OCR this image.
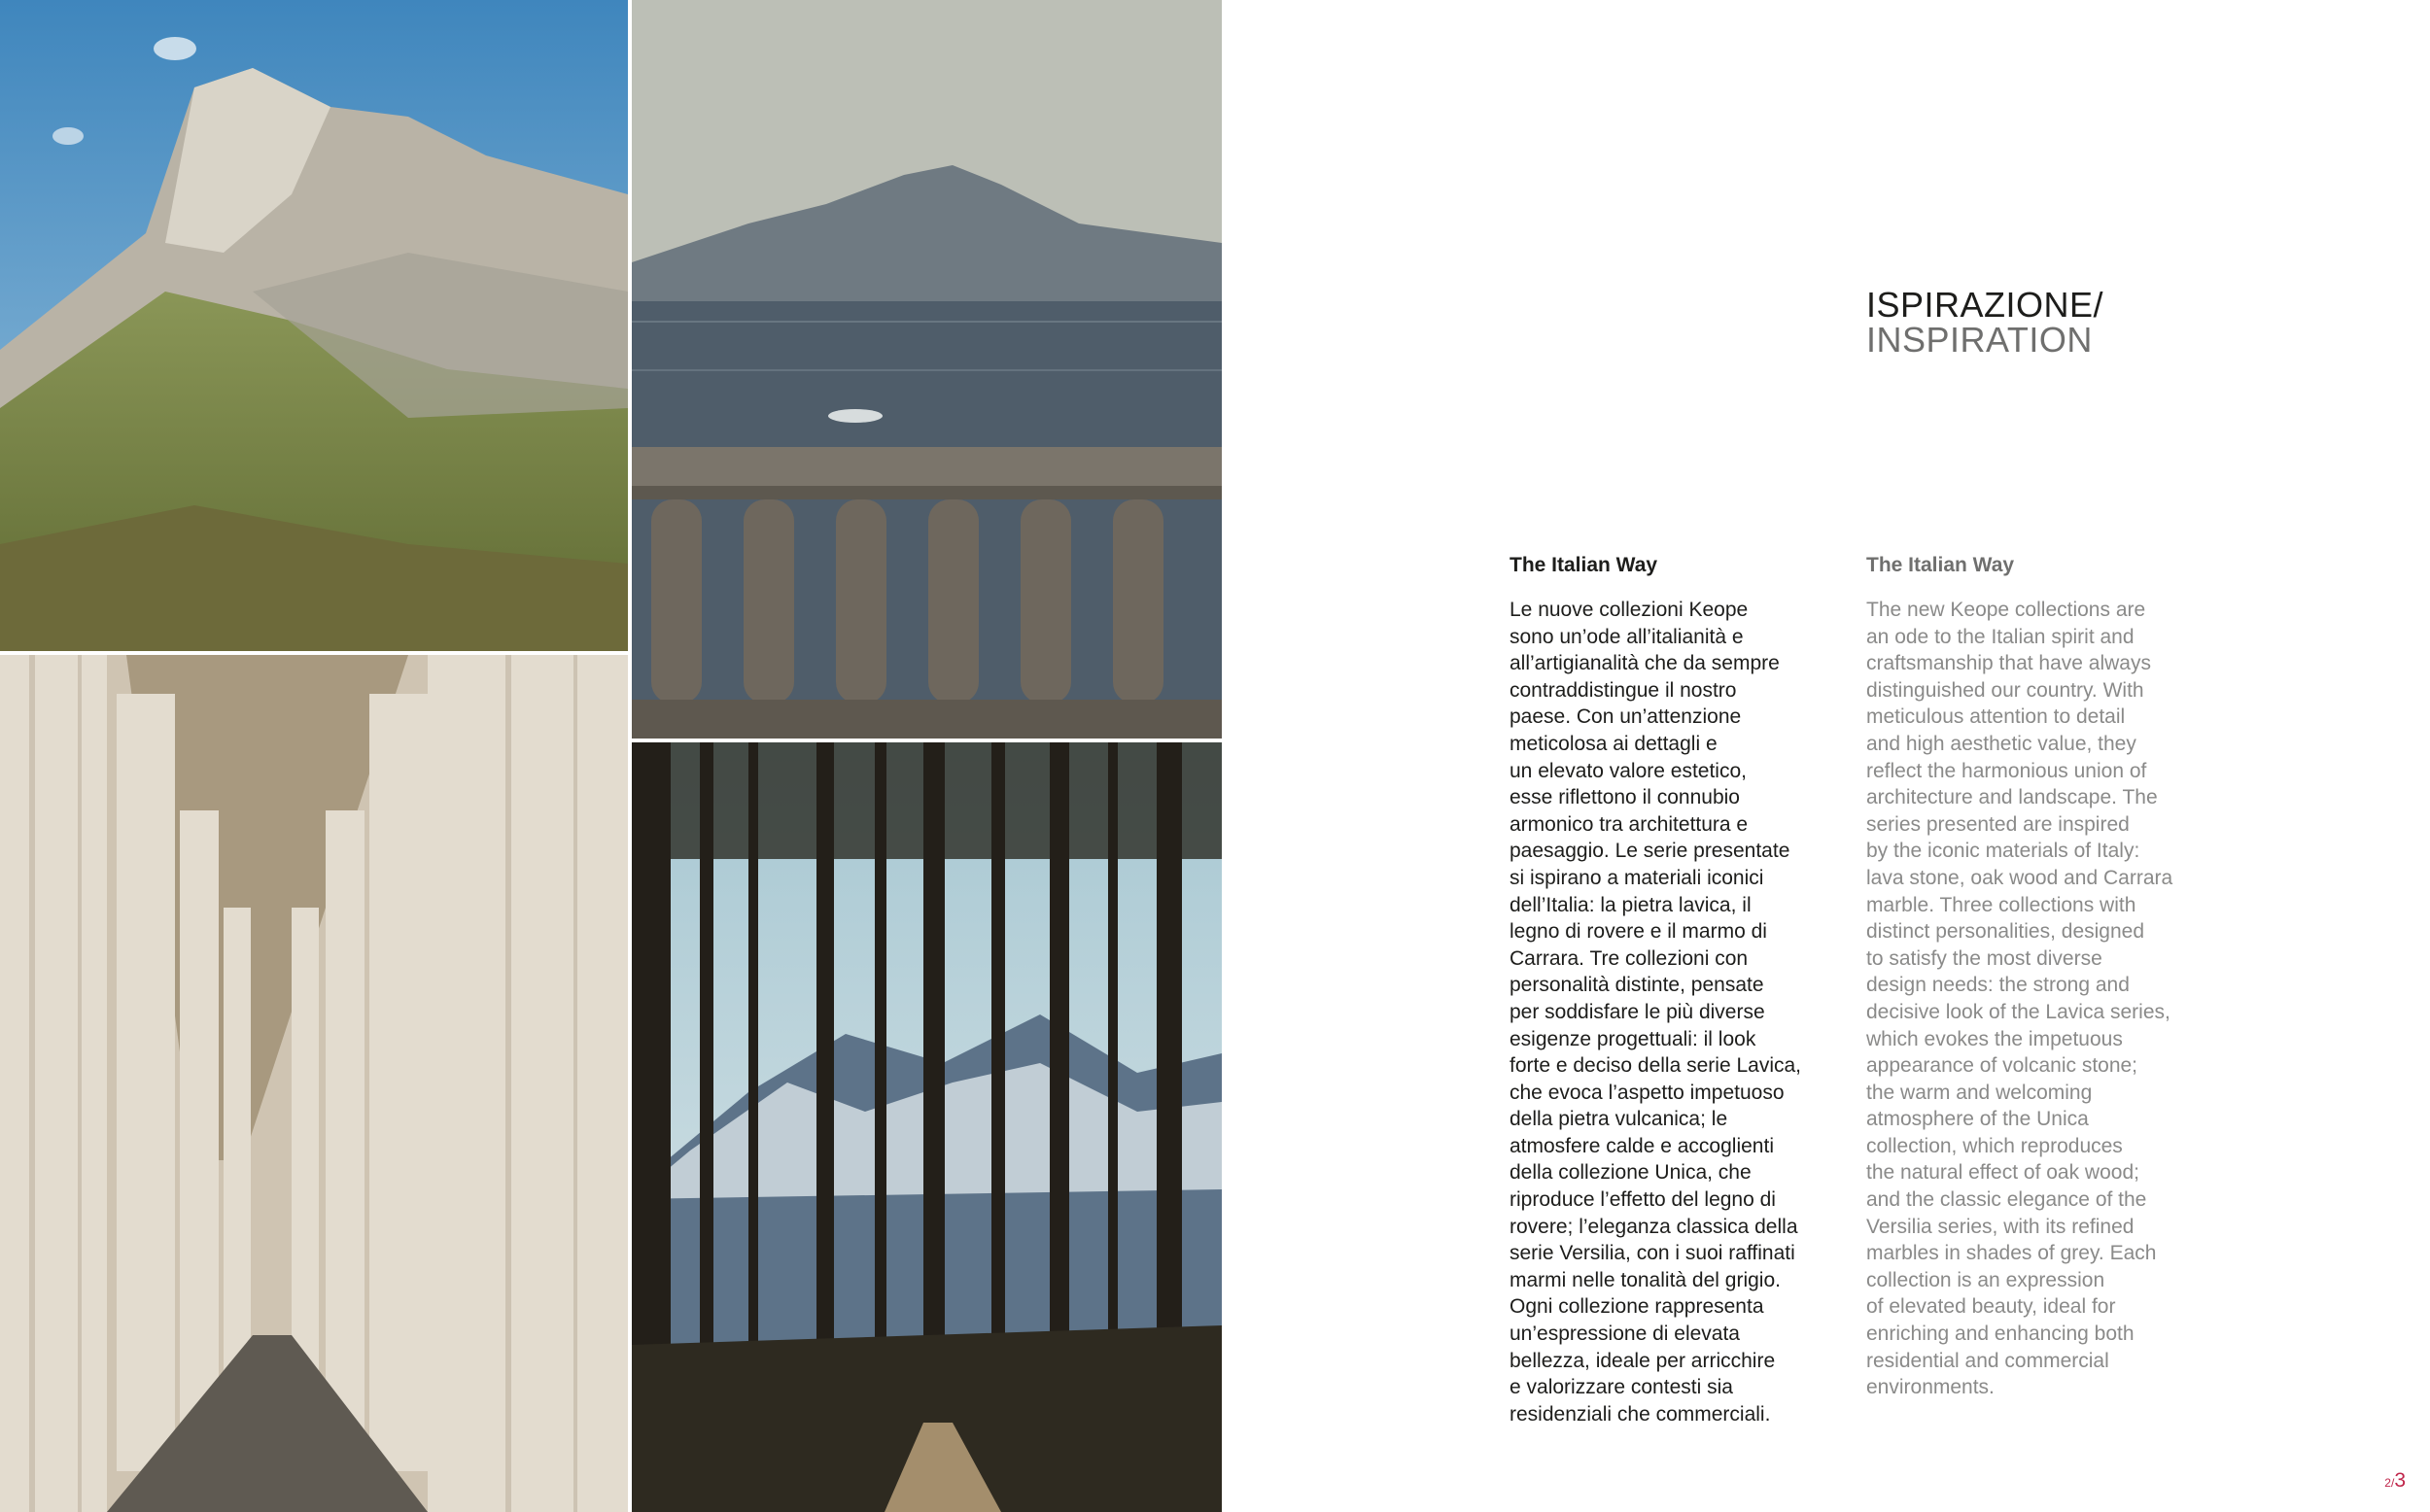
ISPIRAZIONE/
INSPIRATION

The Italian Way

Le nuove collezioni Keope
sono un’ode all’italianità e
all’artigianalità che da sempre
contraddistingue il nostro
paese. Con un’attenzione
meticolosa ai dettagli e
un elevato valore estetico,
esse riflettono il connubio
armonico tra architettura e
paesaggio. Le serie presentate
si ispirano a materiali iconici
dell’Italia: la pietra lavica, il
legno di rovere e il marmo di
Carrara. Tre collezioni con
personalità distinte, pensate
per soddisfare le più diverse
esigenze progettuali: il look
forte e deciso della serie Lavica,
che evoca l’aspetto impetuoso
della pietra vulcanica; le
atmosfere calde e accoglienti
della collezione Unica, che
riproduce l’effetto del legno di
rovere; l’eleganza classica della
serie Versilia, con i suoi raffinati
marmi nelle tonalità del grigio.
Ogni collezione rappresenta
un’espressione di elevata
bellezza, ideale per arricchire
e valorizzare contesti sia
residenziali che commerciali.

The Italian Way

The new Keope collections are
an ode to the Italian spirit and
craftsmanship that have always
distinguished our country. With
meticulous attention to detail
and high aesthetic value, they
reflect the harmonious union of
architecture and landscape. The
series presented are inspired
by the iconic materials of Italy:
lava stone, oak wood and Carrara
marble. Three collections with
distinct personalities, designed
to satisfy the most diverse
design needs: the strong and
decisive look of the Lavica series,
which evokes the impetuous
appearance of volcanic stone;
the warm and welcoming
atmosphere of the Unica
collection, which reproduces
the natural effect of oak wood;
and the classic elegance of the
Versilia series, with its refined
marbles in shades of grey. Each
collection is an expression
of elevated beauty, ideal for
enriching and enhancing both
residential and commercial
environments.

2/3
